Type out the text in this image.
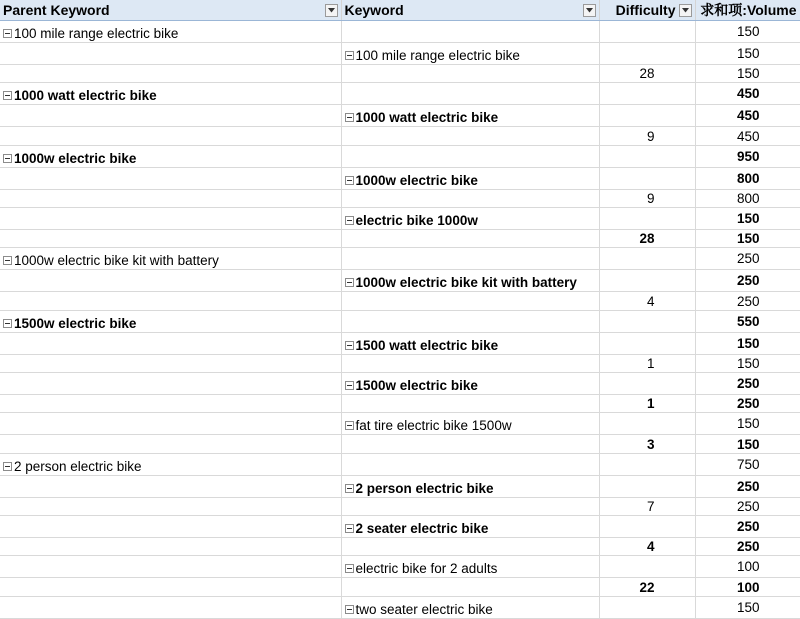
Parent Keyword	Keyword	Difficulty	求和项:Volume

100 mile range electric bike			150

	100 mile range electric bike		150

		28	150

1000 watt electric bike			450

	1000 watt electric bike		450

		9	450

1000w electric bike			950

	1000w electric bike		800

		9	800

	electric bike 1000w		150

		28	150

1000w electric bike kit with battery			250

	1000w electric bike kit with battery		250

		4	250

1500w electric bike			550

	1500 watt electric bike		150

		1	150

	1500w electric bike		250

		1	250

	fat tire electric bike 1500w		150

		3	150

2 person electric bike			750

	2 person electric bike		250

		7	250

	2 seater electric bike		250

		4	250

	electric bike for 2 adults		100

		22	100

	two seater electric bike		150
